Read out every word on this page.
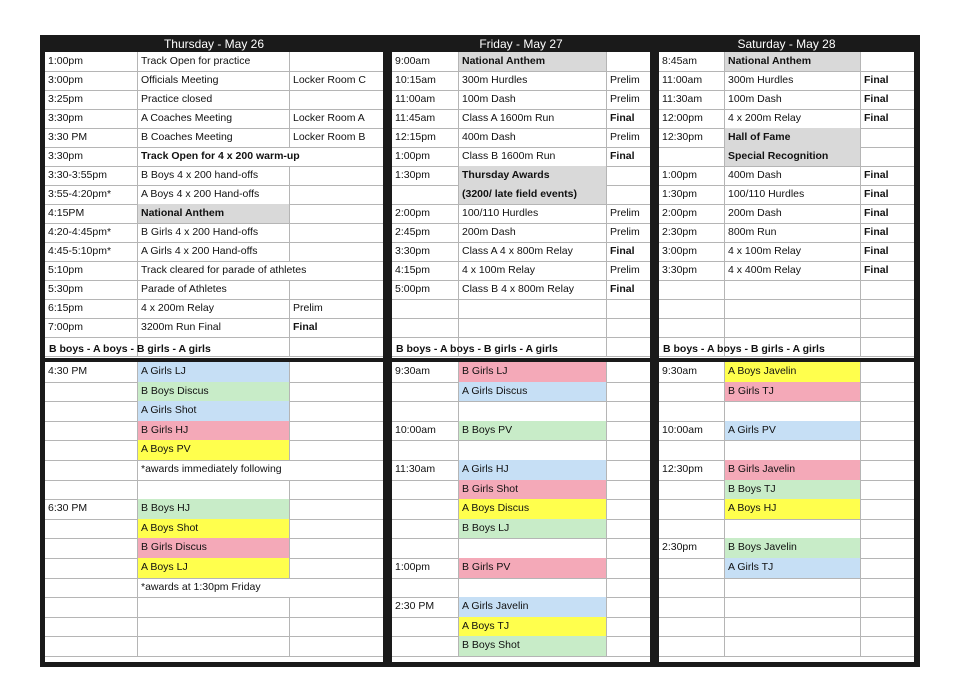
Thursday - May 26
1:00pm	Track Open for practice
3:00pm	Officials Meeting	Locker Room C
3:25pm	Practice closed
3:30pm	A Coaches Meeting	Locker Room A
3:30 PM	B Coaches Meeting	Locker Room B
3:30pm	Track Open for 4 x 200 warm-up
3:30-3:55pm	B Boys 4 x 200 hand-offs
3:55-4:20pm*	A Boys 4 x 200 Hand-offs
4:15PM	National Anthem
4:20-4:45pm*	B Girls 4 x 200 Hand-offs
4:45-5:10pm*	A Girls 4 x 200 Hand-offs
5:10pm	Track cleared for parade of athletes
5:30pm	Parade of Athletes
6:15pm	4 x 200m Relay	Prelim
7:00pm	3200m Run Final	Final
B boys - A boys - B girls - A girls
4:30 PM	A Girls LJ
B Boys Discus
A Girls Shot
B Girls HJ
A Boys PV
*awards immediately following
6:30 PM	B Boys HJ
A Boys Shot
B Girls Discus
A Boys LJ
*awards at 1:30pm Friday
Friday - May 27
9:00am	National Anthem
10:15am	300m Hurdles	Prelim
11:00am	100m Dash	Prelim
11:45am	Class A 1600m Run	Final
12:15pm	400m Dash	Prelim
1:00pm	Class B 1600m Run	Final
1:30pm	Thursday Awards
(3200/ late field events)
2:00pm	100/110 Hurdles	Prelim
2:45pm	200m Dash	Prelim
3:30pm	Class A 4 x 800m Relay	Final
4:15pm	4 x 100m Relay	Prelim
5:00pm	Class B 4 x 800m Relay	Final
B boys - A boys - B girls - A girls
9:30am	B Girls LJ
A Girls Discus
10:00am	B Boys PV
11:30am	A Girls HJ
B Girls Shot
A Boys Discus
B Boys LJ
1:00pm	B Girls PV
2:30 PM	A Girls Javelin
A Boys TJ
B Boys Shot
Saturday - May 28
8:45am	National Anthem
11:00am	300m Hurdles	Final
11:30am	100m Dash	Final
12:00pm	4 x 200m Relay	Final
12:30pm	Hall of Fame
Special Recognition
1:00pm	400m Dash	Final
1:30pm	100/110 Hurdles	Final
2:00pm	200m Dash	Final
2:30pm	800m Run	Final
3:00pm	4 x 100m Relay	Final
3:30pm	4 x 400m Relay	Final
B boys - A boys - B girls - A girls
9:30am	A Boys Javelin
B Girls TJ
10:00am	A Girls PV
12:30pm	B Girls Javelin
B Boys TJ
A Boys HJ
2:30pm	B Boys Javelin
A Girls TJ
